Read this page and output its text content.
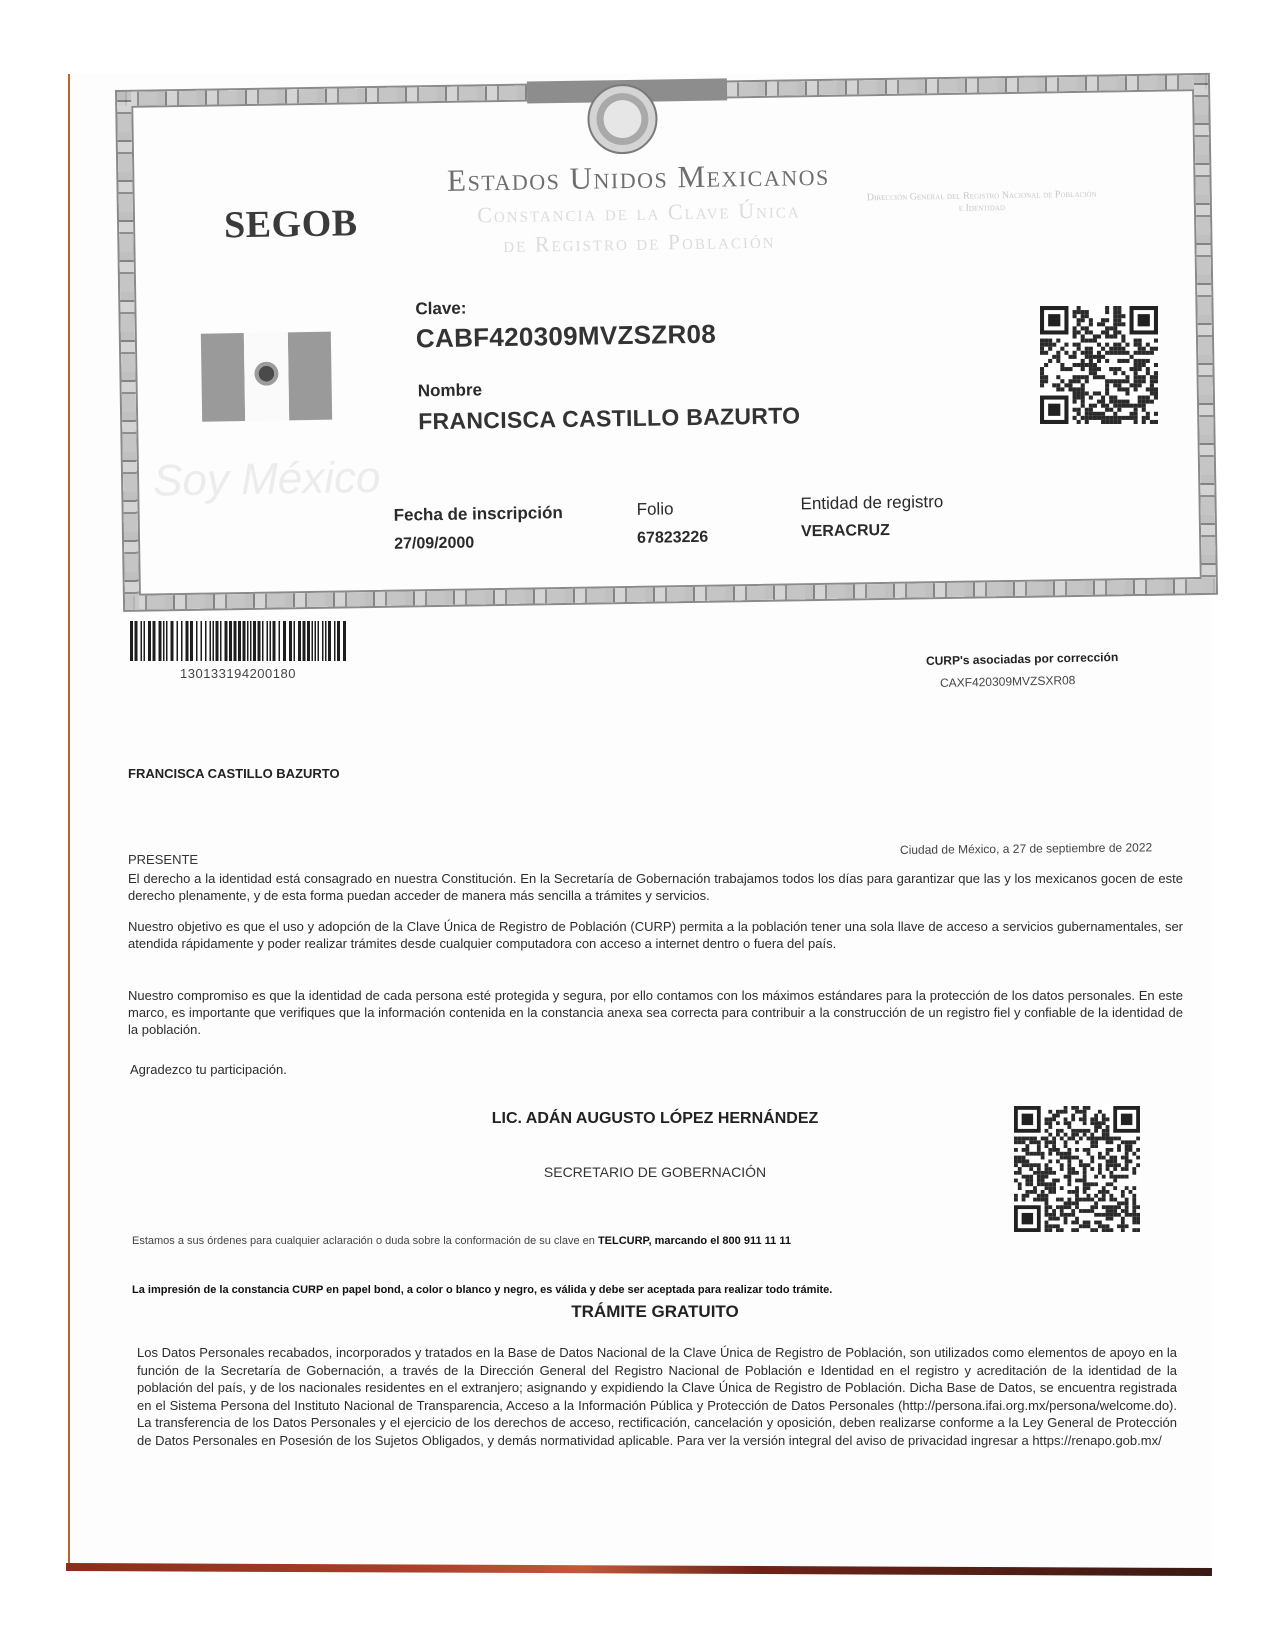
SEGOB
Estados Unidos Mexicanos
Constancia de la Clave Única
de Registro de Población
Dirección General del Registro Nacional de Población e Identidad
Soy México
Clave:
CABF420309MVZSZR08
Nombre
FRANCISCA CASTILLO BAZURTO
Fecha de inscripción
27/09/2000
Folio
67823226
Entidad de registro
VERACRUZ
130133194200180
CURP's asociadas por corrección
CAXF420309MVZSXR08
FRANCISCA CASTILLO BAZURTO
PRESENTE
Ciudad de México, a 27 de septiembre de 2022
El derecho a la identidad está consagrado en nuestra Constitución. En la Secretaría de Gobernación trabajamos todos los días para garantizar que las y los mexicanos gocen de este derecho plenamente, y de esta forma puedan acceder de manera más sencilla a trámites y servicios.
Nuestro objetivo es que el uso y adopción de la Clave Única de Registro de Población (CURP) permita a la población tener una sola llave de acceso a servicios gubernamentales, ser atendida rápidamente y poder realizar trámites desde cualquier computadora con acceso a internet dentro o fuera del país.
Nuestro compromiso es que la identidad de cada persona esté protegida y segura, por ello contamos con los máximos estándares para la protección de los datos personales. En este marco, es importante que verifiques que la información contenida en la constancia anexa sea correcta para contribuir a la construcción de un registro fiel y confiable de la identidad de la población.
Agradezco tu participación.
LIC. ADÁN AUGUSTO LÓPEZ HERNÁNDEZ
SECRETARIO DE GOBERNACIÓN
Estamos a sus órdenes para cualquier aclaración o duda sobre la conformación de su clave en TELCURP, marcando el 800 911 11 11
La impresión de la constancia CURP en papel bond, a color o blanco y negro, es válida y debe ser aceptada para realizar todo trámite.
TRÁMITE GRATUITO
Los Datos Personales recabados, incorporados y tratados en la Base de Datos Nacional de la Clave Única de Registro de Población, son utilizados como elementos de apoyo en la función de la Secretaría de Gobernación, a través de la Dirección General del Registro Nacional de Población e Identidad en el registro y acreditación de la identidad de la población del país, y de los nacionales residentes en el extranjero; asignando y expidiendo la Clave Única de Registro de Población. Dicha Base de Datos, se encuentra registrada en el Sistema Persona del Instituto Nacional de Transparencia, Acceso a la Información Pública y Protección de Datos Personales (http://persona.ifai.org.mx/persona/welcome.do). La transferencia de los Datos Personales y el ejercicio de los derechos de acceso, rectificación, cancelación y oposición, deben realizarse conforme a la Ley General de Protección de Datos Personales en Posesión de los Sujetos Obligados, y demás normatividad aplicable. Para ver la versión integral del aviso de privacidad ingresar a https://renapo.gob.mx/
